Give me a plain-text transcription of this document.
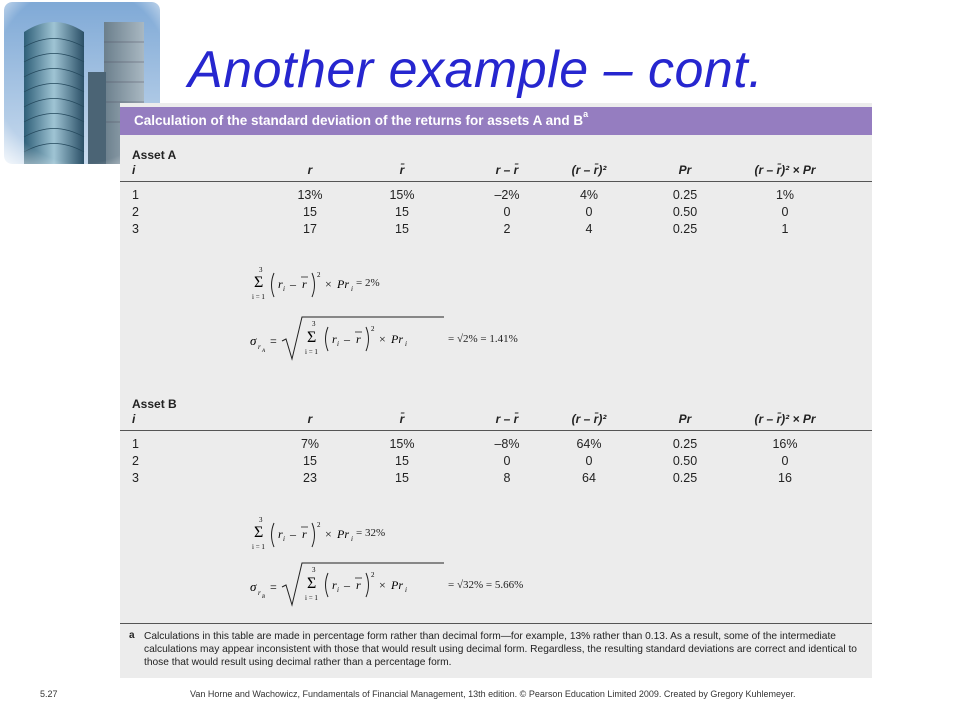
Another example – cont.
Calculation of the standard deviation of the returns for assets A and $B^a$
Asset A
i	r	r̄	r – r̄	(r – r̄)²	Pr	(r – r̄)² × Pr
1	13%	15%	–2%	4%	0.25	1%
2	15	15	0	0	0.50	0
3	17	15	2	4	0.25	1
3
Σ
i = 1
r i – r
2
× Pr i = 2%
σ r
A
=
3
Σ
i = 1
r i – r
2
× Pr i	= √2% = 1.41%
Asset B
i	r	r̄	r – r̄	(r – r̄)²	Pr	(r – r̄)² × Pr
1	7%	15%	–8%	64%	0.25	16%
2	15	15	0	0	0.50	0
3	23	15	8	64	0.25	16
3
Σ
i = 1
r i – r
2
× Pr i = 32%
σ r
B
=
3
Σ
i = 1
r i – r
2
× Pr i	= √32% = 5.66%
a Calculations in this table are made in percentage form rather than decimal form—for example, 13% rather than 0.13. As a result, some of the intermediate calculations may appear inconsistent with those that would result using decimal form. Regardless, the resulting standard deviations are correct and identical to those that would result using decimal rather than a percentage form.
5.27	Van Horne and Wachowicz, Fundamentals of Financial Management, 13th edition. © Pearson Education Limited 2009. Created by Gregory Kuhlemeyer.
